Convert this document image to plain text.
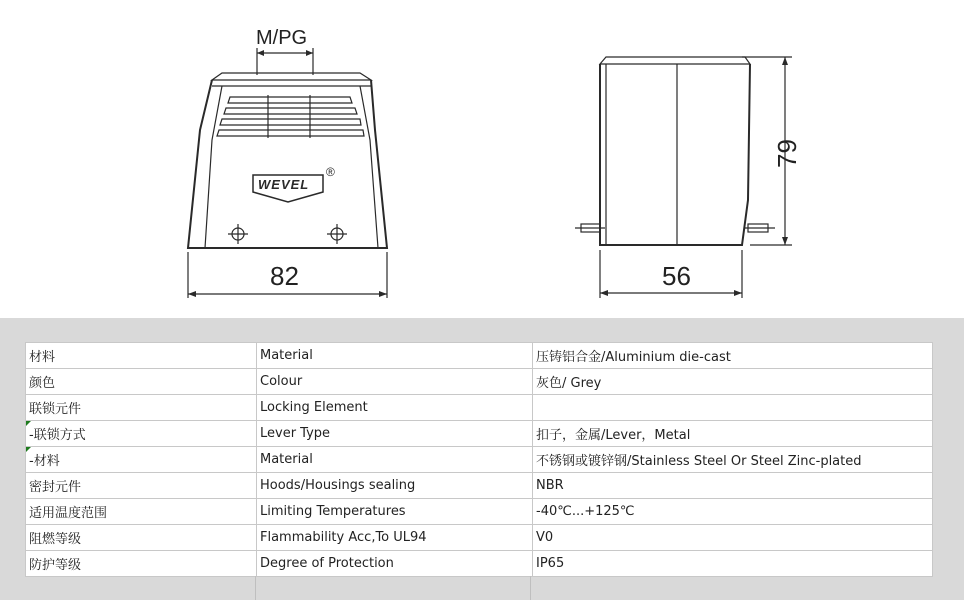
M/PG
82	56
79
WEVEL
®
材料	Material	压铸铝合金/Aluminium die-cast
颜色	Colour	灰色/ Grey
联锁元件	Locking Element	
-联锁方式	Lever Type	扣子，金属/Lever，Metal
-材料	Material	不锈钢或镀锌钢/Stainless Steel Or Steel Zinc-plated
密封元件	Hoods/Housings sealing	NBR
适用温度范围	Limiting Temperatures	-40℃...+125℃
阻燃等级	Flammability Acc,To UL94	V0
防护等级	Degree of Protection	IP65
